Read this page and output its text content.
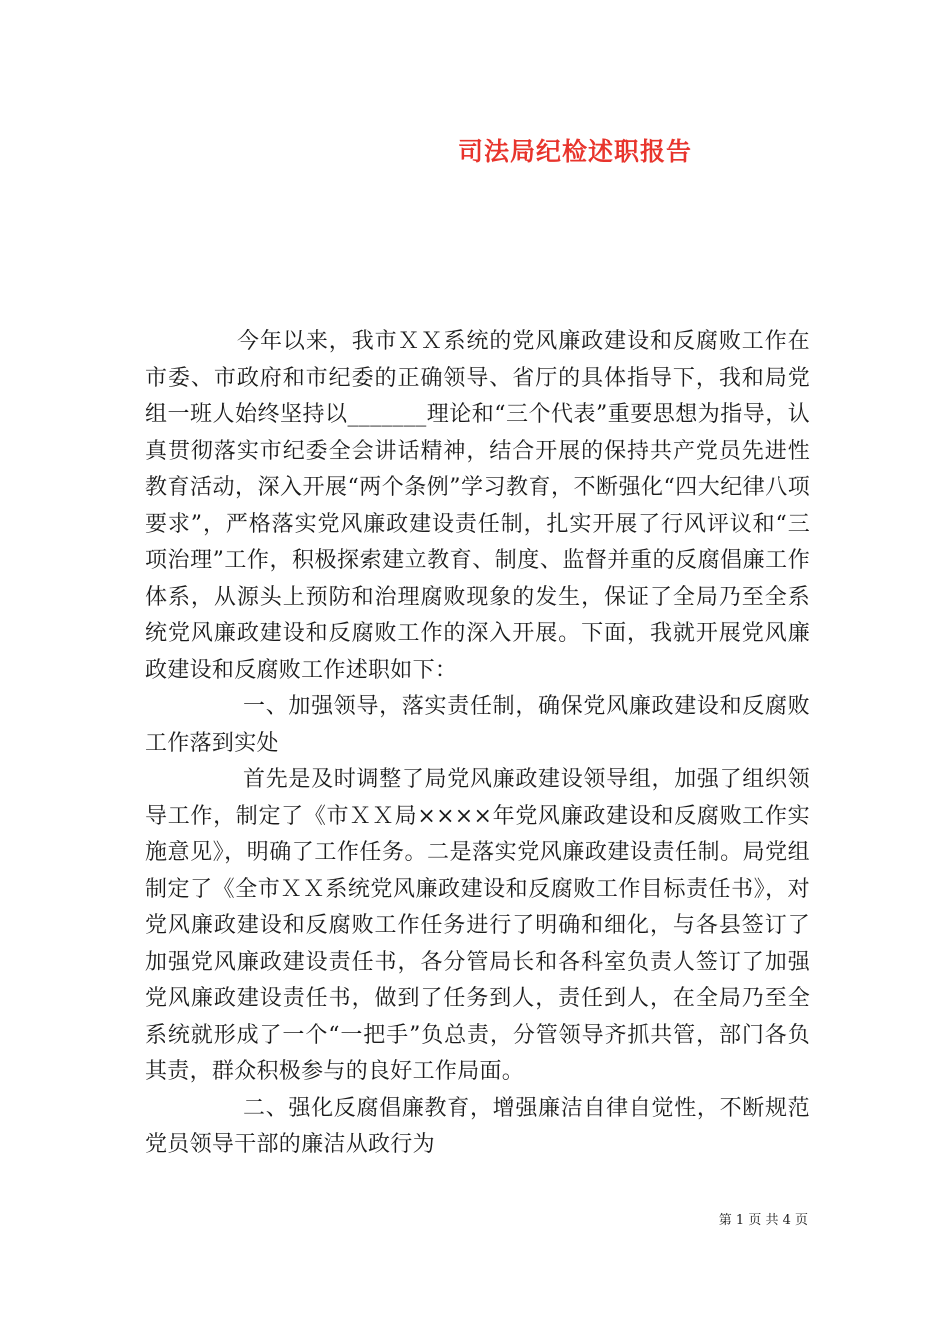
司法局纪检述职报告

今年以来，我市ＸＸ系统的党风廉政建设和反腐败工作在市委、市政府和市纪委的正确领导、省厅的具体指导下，我和局党组一班人始终坚持以_______理论和“三个代表”重要思想为指导，认真贯彻落实市纪委全会讲话精神，结合开展的保持共产党员先进性教育活动，深入开展“两个条例”学习教育，不断强化“四大纪律八项要求”，严格落实党风廉政建设责任制，扎实开展了行风评议和“三项治理”工作，积极探索建立教育、制度、监督并重的反腐倡廉工作体系，从源头上预防和治理腐败现象的发生，保证了全局乃至全系统党风廉政建设和反腐败工作的深入开展。下面，我就开展党风廉政建设和反腐败工作述职如下：

一、加强领导，落实责任制，确保党风廉政建设和反腐败工作落到实处

首先是及时调整了局党风廉政建设领导组，加强了组织领导工作，制定了《市ＸＸ局××××年党风廉政建设和反腐败工作实施意见》，明确了工作任务。二是落实党风廉政建设责任制。局党组制定了《全市ＸＸ系统党风廉政建设和反腐败工作目标责任书》，对党风廉政建设和反腐败工作任务进行了明确和细化，与各县签订了加强党风廉政建设责任书，各分管局长和各科室负责人签订了加强党风廉政建设责任书，做到了任务到人，责任到人，在全局乃至全系统就形成了一个“一把手”负总责，分管领导齐抓共管，部门各负其责，群众积极参与的良好工作局面。

二、强化反腐倡廉教育，增强廉洁自律自觉性，不断规范党员领导干部的廉洁从政行为

第 1 页 共 4 页
